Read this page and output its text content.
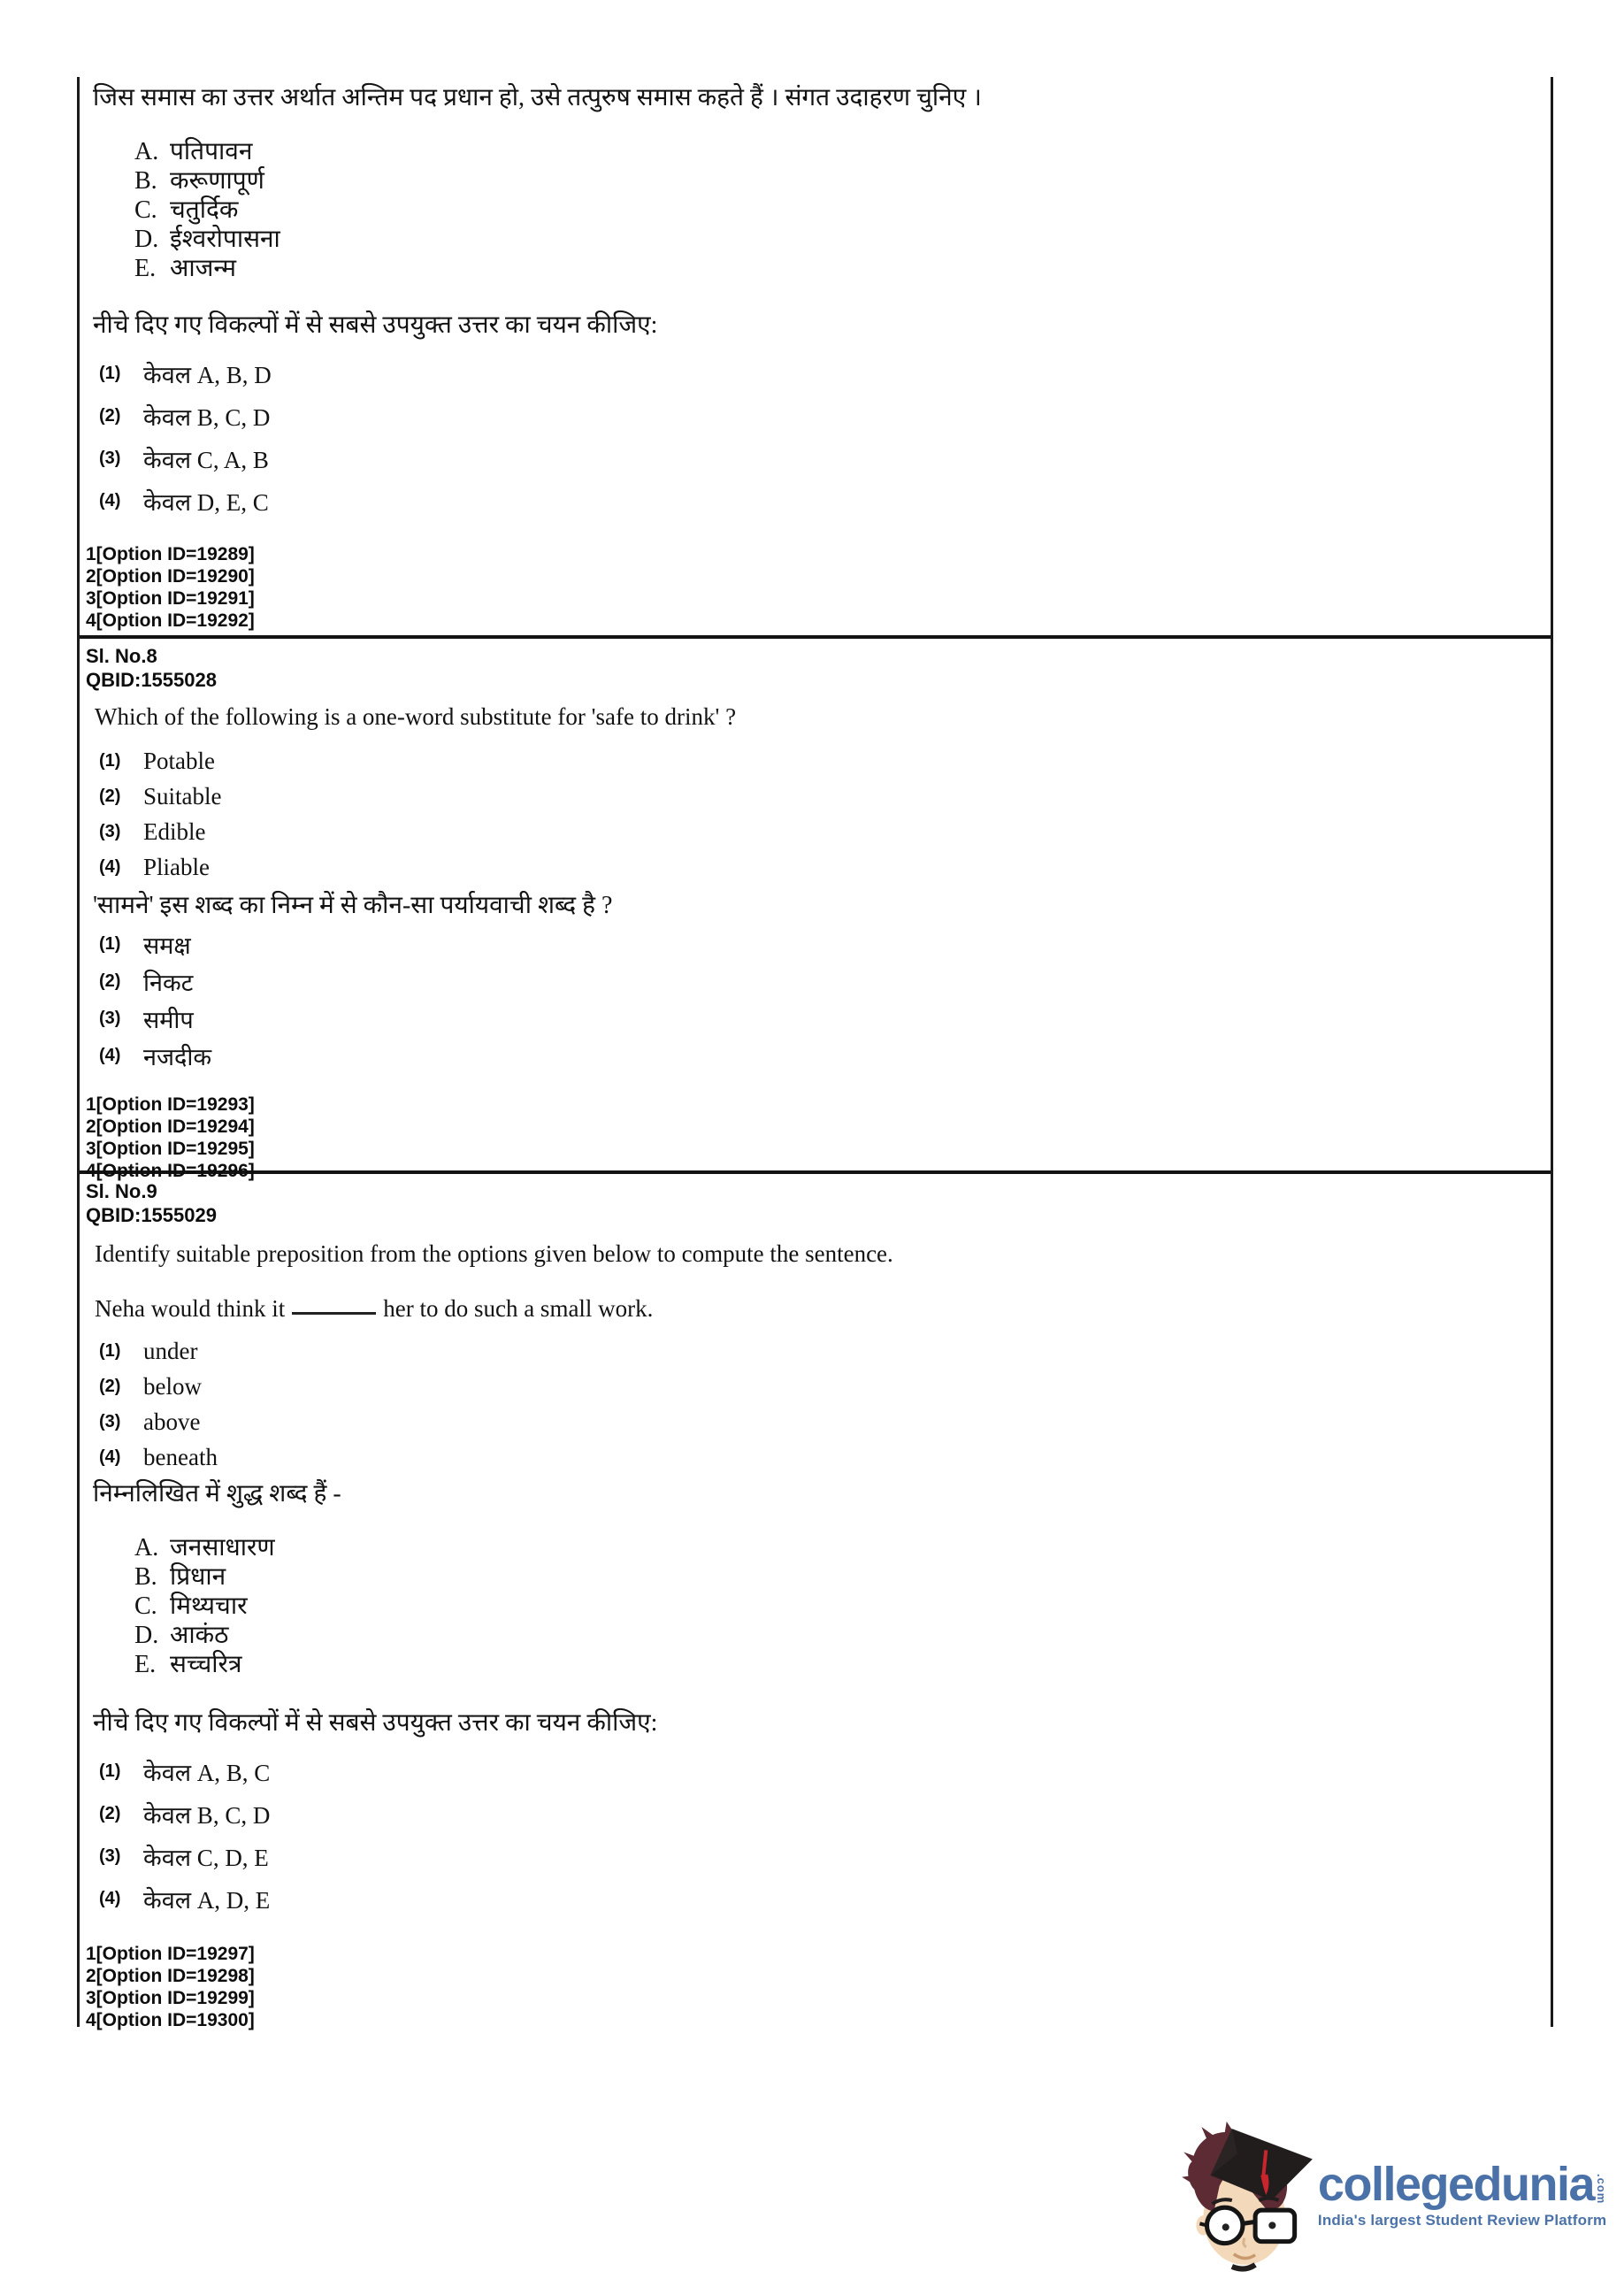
जिस समास का उत्तर अर्थात अन्तिम पद प्रधान हो, उसे तत्पुरुष समास कहते हैं । संगत उदाहरण चुनिए ।

A. पतिपावन
B. करूणापूर्ण
C. चतुर्दिक
D. ईश्वरोपासना
E. आजन्म

नीचे दिए गए विकल्पों में से सबसे उपयुक्त उत्तर का चयन कीजिए:

(1) केवल A, B, D
(2) केवल B, C, D
(3) केवल C, A, B
(4) केवल D, E, C
1[Option ID=19289]
2[Option ID=19290]
3[Option ID=19291]
4[Option ID=19292]

Sl. No.8

QBID:1555028

Which of the following is a one-word substitute for 'safe to drink' ?

(1) Potable
(2) Suitable
(3) Edible
(4) Pliable

'सामने' इस शब्द का निम्न में से कौन-सा पर्यायवाची शब्द है ?

(1) समक्ष
(2) निकट
(3) समीप
(4) नजदीक
1[Option ID=19293]
2[Option ID=19294]
3[Option ID=19295]
4[Option ID=19296]

Sl. No.9

QBID:1555029

Identify suitable preposition from the options given below to compute the sentence.

Neha would think it	her to do such a small work.

(1) under
(2) below
(3) above
(4) beneath

निम्नलिखित में शुद्ध शब्द हैं -

A. जनसाधारण
B. प्रिधान
C. मिथ्यचार
D. आकंठ
E. सच्चरित्र

नीचे दिए गए विकल्पों में से सबसे उपयुक्त उत्तर का चयन कीजिए:

(1) केवल A, B, C
(2) केवल B, C, D
(3) केवल C, D, E
(4) केवल A, D, E
1[Option ID=19297]
2[Option ID=19298]
3[Option ID=19299]
4[Option ID=19300]
collegedunia .com
India's largest Student Review Platform
